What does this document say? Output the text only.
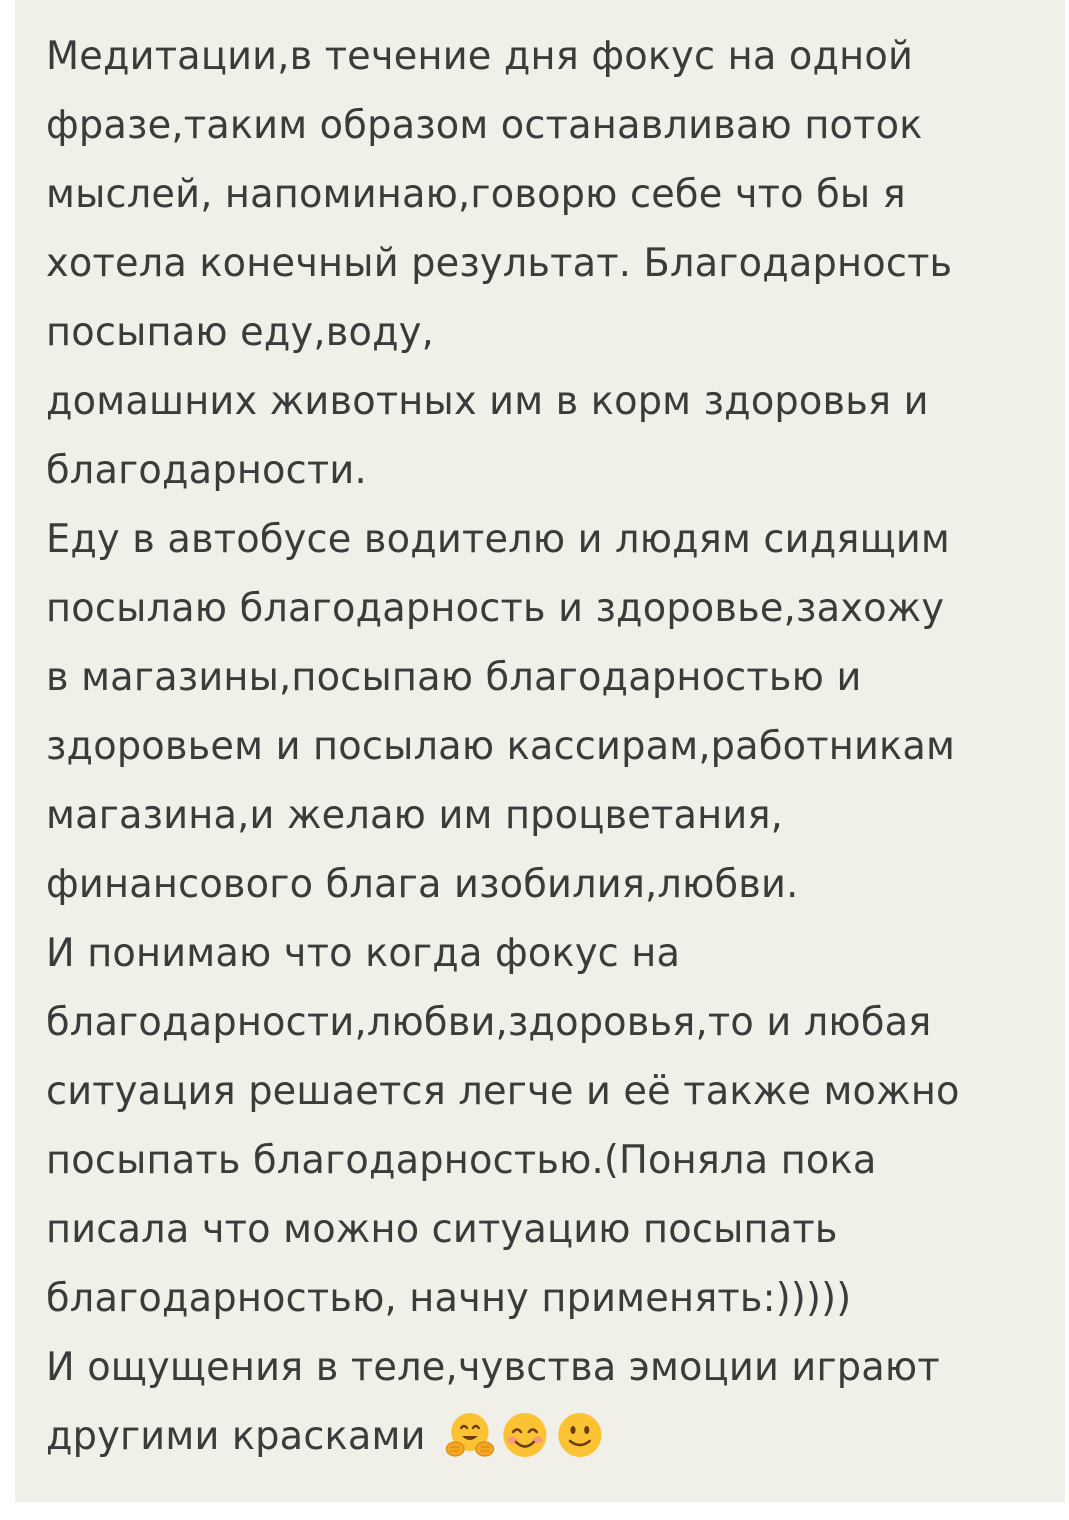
Медитации,в течение дня фокус на одной
фразе,таким образом останавливаю поток
мыслей, напоминаю,говорю себе что бы я
хотела конечный результат. Благодарность
посыпаю еду,воду,
домашних животных им в корм здоровья и
благодарности.
Еду в автобусе водителю и людям сидящим
посылаю благодарность и здоровье,захожу
в магазины,посыпаю благодарностью и
здоровьем и посылаю кассирам,работникам
магазина,и желаю им процветания,
финансового блага изобилия,любви.
И понимаю что когда фокус на
благодарности,любви,здоровья,то и любая
ситуация решается легче и её также можно
посыпать благодарностью.(Поняла пока
писала что можно ситуацию посыпать
благодарностью, начну применять:)))))
И ощущения в теле,чувства эмоции играют
другими красками
